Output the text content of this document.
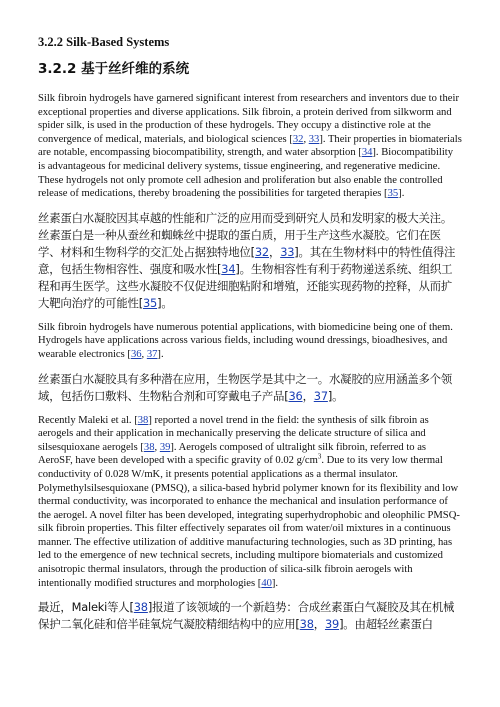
3.2.2 Silk-Based Systems
3.2.2 基于丝纤维的系统

Silk fibroin hydrogels have garnered significant interest from researchers and inventors due to their exceptional properties and diverse applications. Silk fibroin, a protein derived from silkworm and spider silk, is used in the production of these hydrogels. They occupy a distinctive role at the convergence of medical, materials, and biological sciences [32, 33]. Their properties in biomaterials are notable, encompassing biocompatibility, strength, and water absorption [34]. Biocompatibility is advantageous for medicinal delivery systems, tissue engineering, and regenerative medicine. These hydrogels not only promote cell adhesion and proliferation but also enable the controlled release of medications, thereby broadening the possibilities for targeted therapies [35].

丝素蛋白水凝胶因其卓越的性能和广泛的应用而受到研究人员和发明家的极大关注。丝素蛋白是一种从蚕丝和蜘蛛丝中提取的蛋白质，用于生产这些水凝胶。它们在医学、材料和生物科学的交汇处占据独特地位[32，33]。其在生物材料中的特性值得注意，包括生物相容性、强度和吸水性[34]。生物相容性有利于药物递送系统、组织工程和再生医学。这些水凝胶不仅促进细胞粘附和增殖，还能实现药物的控释，从而扩大靶向治疗的可能性[35]。

Silk fibroin hydrogels have numerous potential applications, with biomedicine being one of them. Hydrogels have applications across various fields, including wound dressings, bioadhesives, and wearable electronics [36, 37].

丝素蛋白水凝胶具有多种潜在应用，生物医学是其中之一。水凝胶的应用涵盖多个领域，包括伤口敷料、生物粘合剂和可穿戴电子产品[36，37]。

Recently Maleki et al. [38] reported a novel trend in the field: the synthesis of silk fibroin as aerogels and their application in mechanically preserving the delicate structure of silica and silsesquioxane aerogels [38, 39]. Aerogels composed of ultralight silk fibroin, referred to as AeroSF, have been developed with a specific gravity of 0.02 $g/cm^3$. Due to its very low thermal conductivity of 0.028 W/mK, it presents potential applications as a thermal insulator. Polymethylsilsesquioxane (PMSQ), a silica-based hybrid polymer known for its flexibility and low thermal conductivity, was incorporated to enhance the mechanical and insulation performance of the aerogel. A novel filter has been developed, integrating superhydrophobic and oleophilic PMSQ-silk fibroin properties. This filter effectively separates oil from water/oil mixtures in a continuous manner. The effective utilization of additive manufacturing technologies, such as 3D printing, has led to the emergence of new technical secrets, including multipore biomaterials and customized anisotropic thermal insulators, through the production of silica-silk fibroin aerogels with intentionally modified structures and morphologies [40].

最近，Maleki等人[38]报道了该领域的一个新趋势：合成丝素蛋白气凝胶及其在机械保护二氧化硅和倍半硅氧烷气凝胶精细结构中的应用[38，39]。由超轻丝素蛋白
